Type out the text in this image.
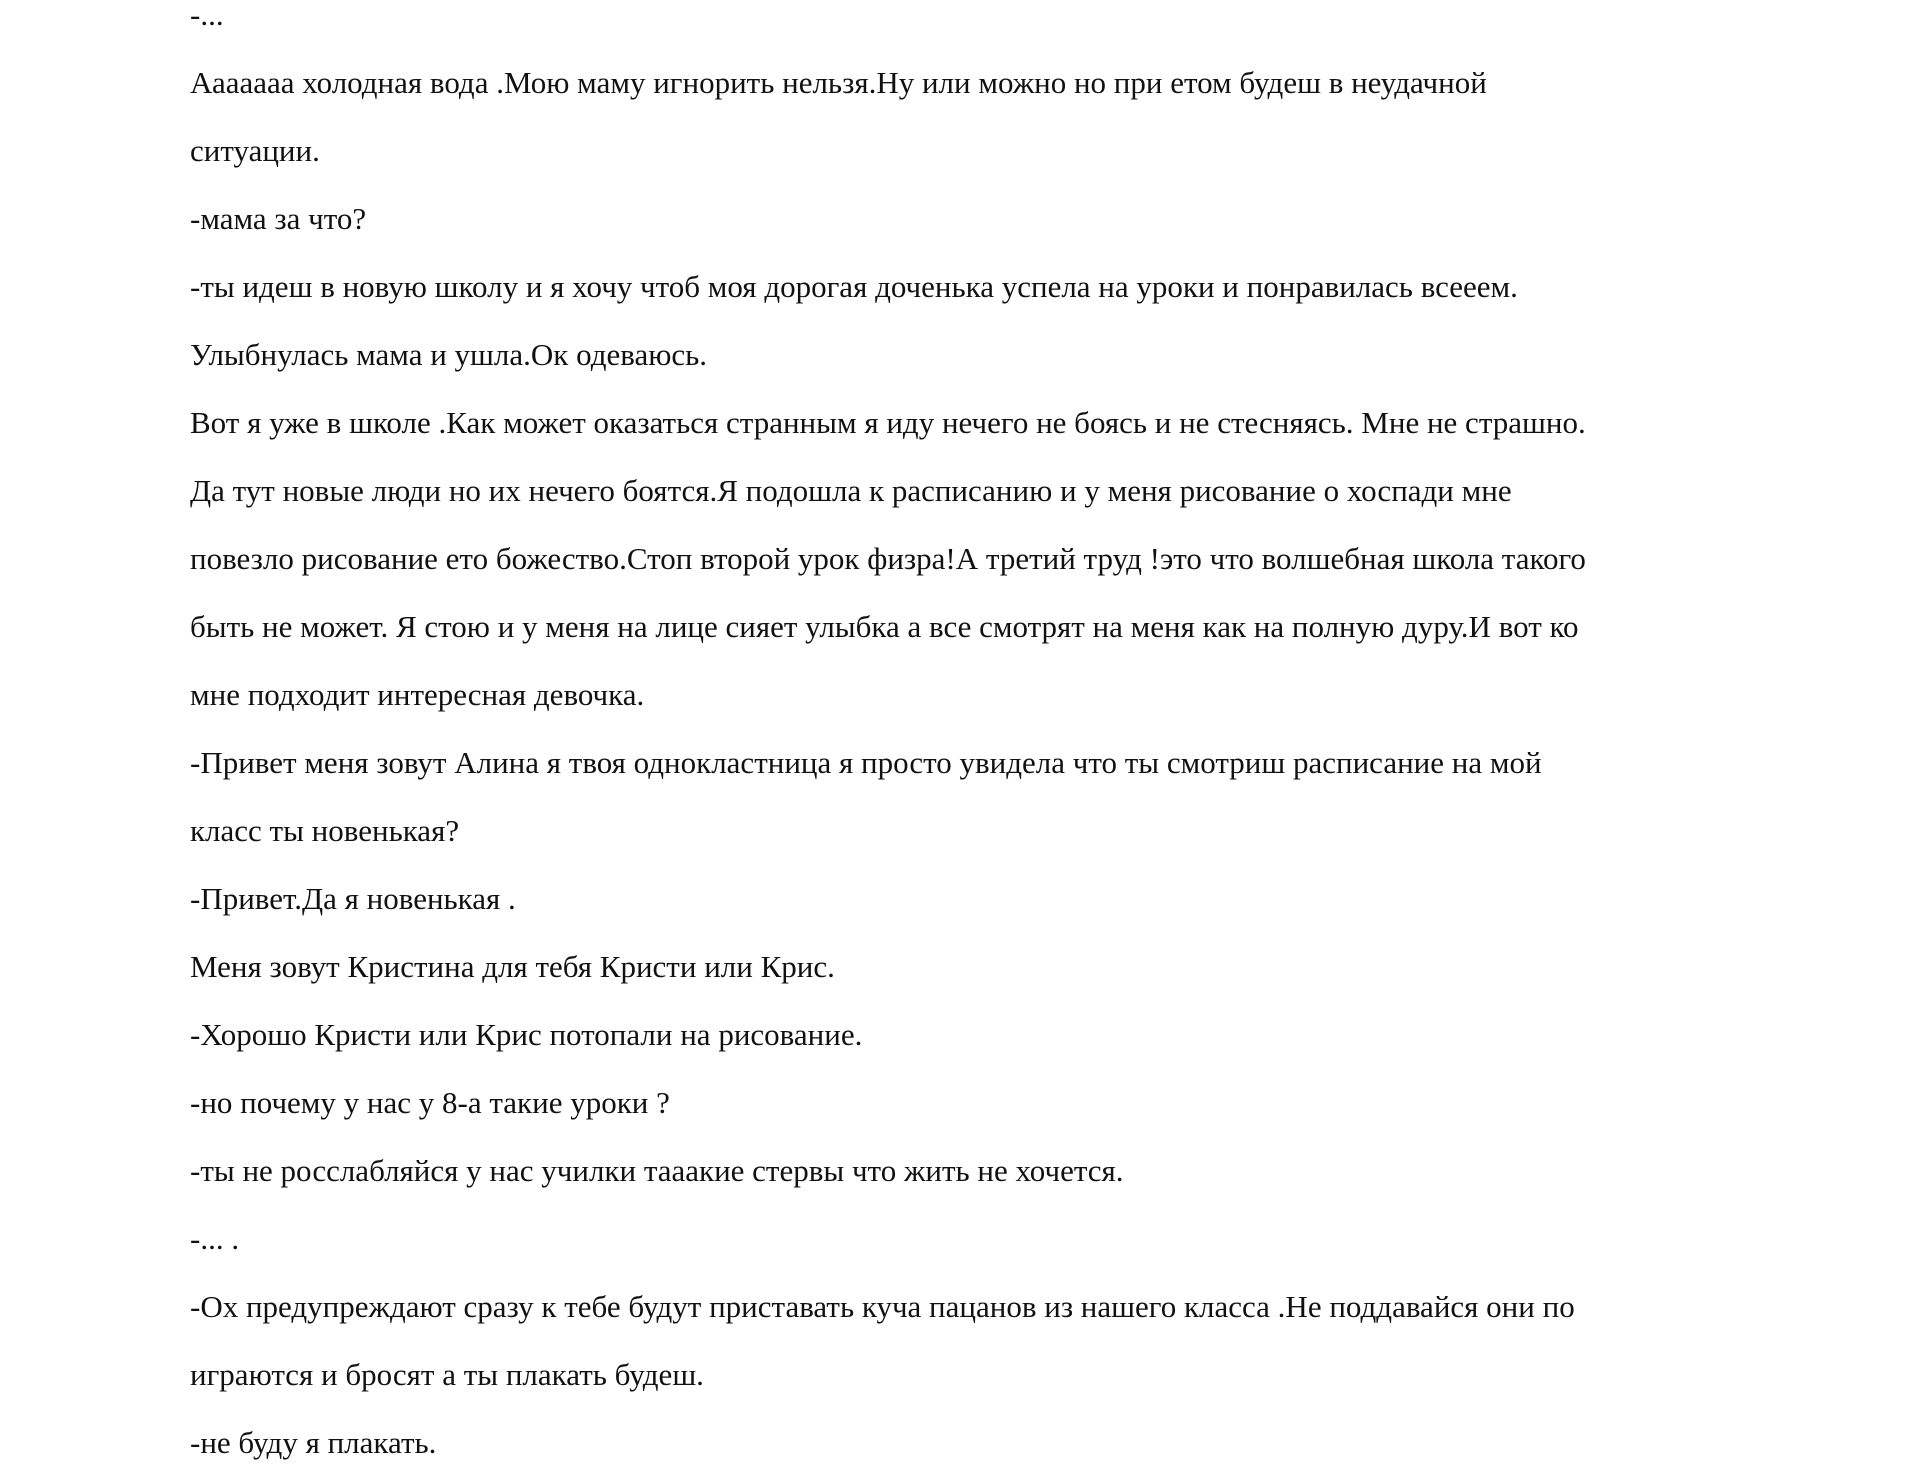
-...

Ааааааа холодная вода .Мою маму игнорить нельзя.Ну или можно но при етом будеш в неудачной

ситуации.

-мама за что?

-ты идеш в новую школу и я хочу чтоб моя дорогая доченька успела на уроки и понравилась всееем.

Улыбнулась мама и ушла.Ок одеваюсь.

Вот я уже в школе .Как может оказаться странным я иду нечего не боясь и не стесняясь. Мне не страшно.

Да тут новые люди но их нечего боятся.Я подошла к расписанию и у меня рисование о хоспади мне

повезло рисование ето божество.Стоп второй урок физра!А третий труд !это что волшебная школа такого

быть не может. Я стою и у меня на лице сияет улыбка а все смотрят на меня как на полную дуру.И вот ко

мне подходит интересная девочка.

-Привет меня зовут Алина я твоя однокластница я просто увидела что ты смотриш расписание на мой

класс ты новенькая?

-Привет.Да я новенькая .

Меня зовут Кристина для тебя Кристи или Крис.

-Хорошо Кристи или Крис потопали на рисование.

-но почему у нас у 8-а такие уроки ?

-ты не росслабляйся у нас училки тааакие стервы что жить не хочется.

-... .

-Ох предупреждают сразу к тебе будут приставать куча пацанов из нашего класса .Не поддавайся они по

играются и бросят а ты плакать будеш.

-не буду я плакать.
